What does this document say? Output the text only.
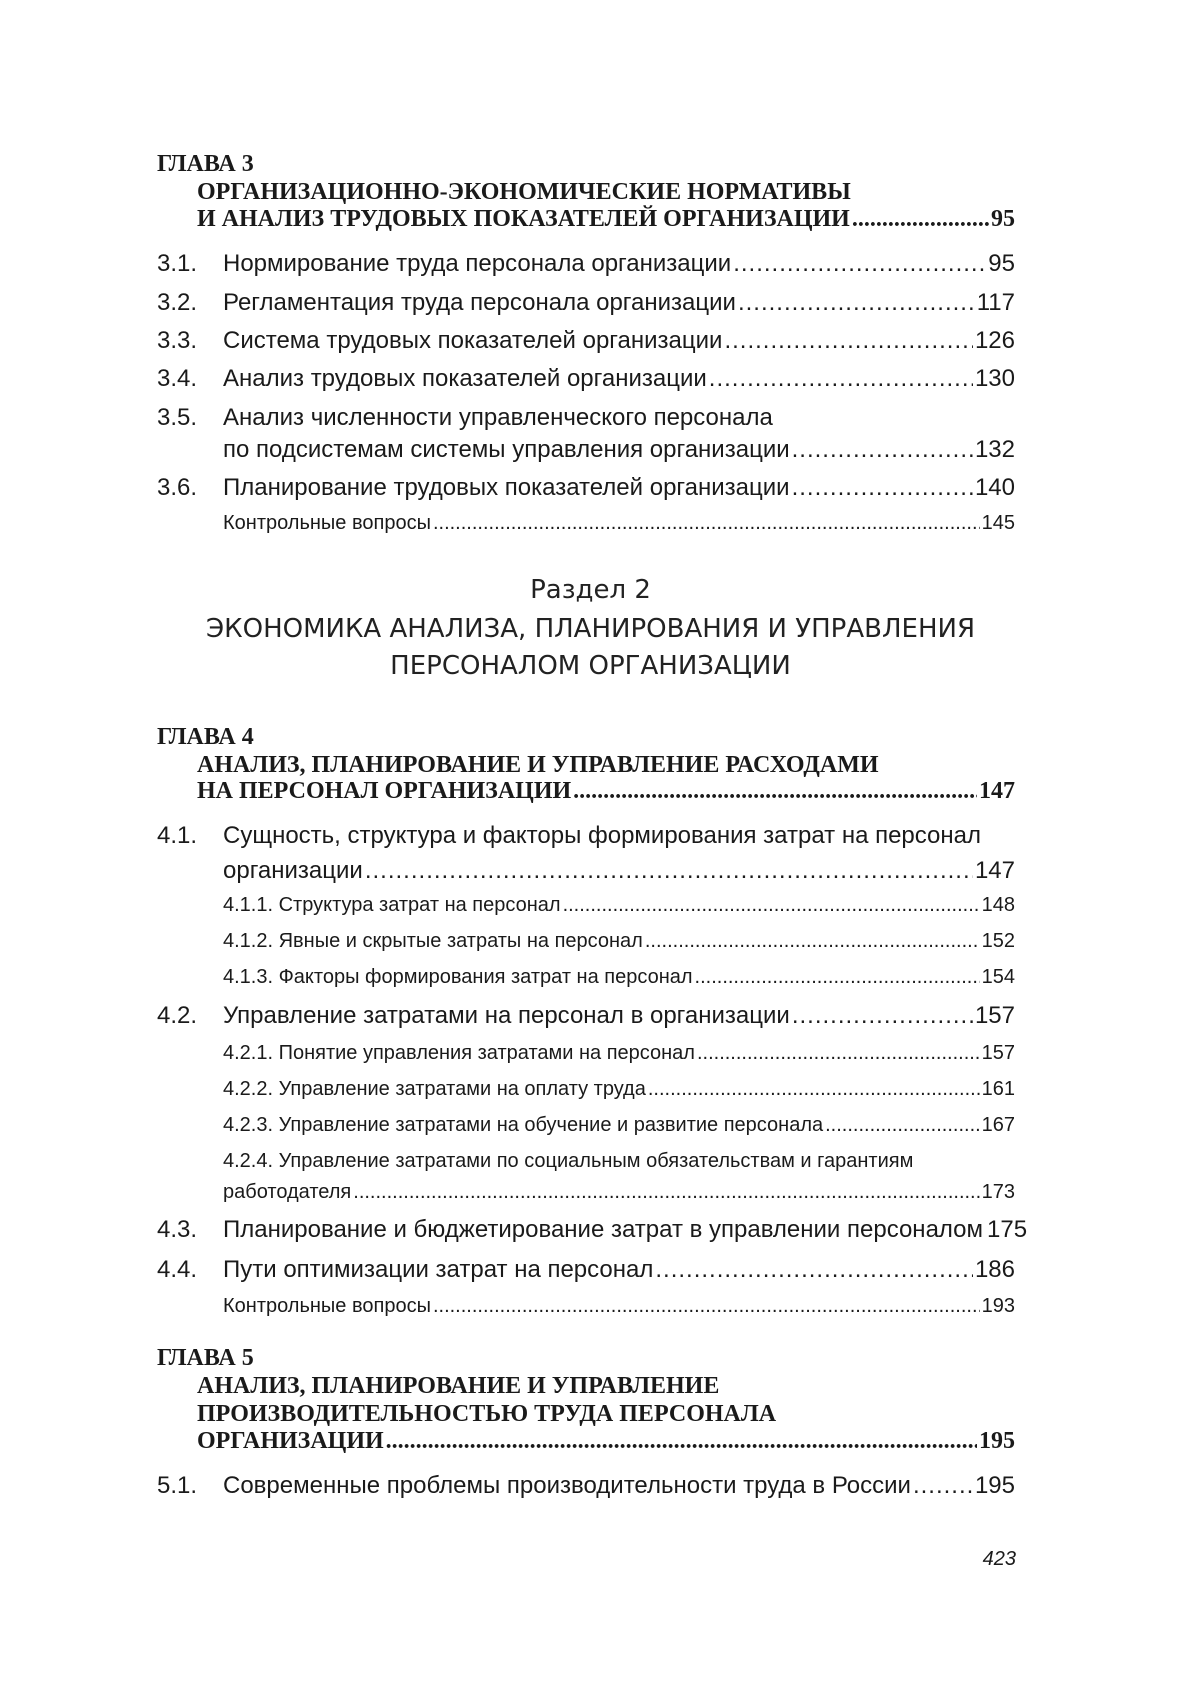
ГЛАВА 3
ОРГАНИЗАЦИОННО-ЭКОНОМИЧЕСКИЕ НОРМАТИВЫ
И АНАЛИЗ ТРУДОВЫХ ПОКАЗАТЕЛЕЙ ОРГАНИЗАЦИИ .....	95
3.1.	Нормирование труда персонала организации .....	95
3.2.	Регламентация труда персонала организации .....	117
3.3.	Система трудовых показателей организации .....	126
3.4.	Анализ трудовых показателей организации .....	130
3.5.	Анализ численности управленческого персонала
по подсистемам системы управления организации .....	132
3.6.	Планирование трудовых показателей организации .....	140
Контрольные вопросы .....	145
Раздел 2
ЭКОНОМИКА АНАЛИЗА, ПЛАНИРОВАНИЯ И УПРАВЛЕНИЯ
ПЕРСОНАЛОМ ОРГАНИЗАЦИИ
ГЛАВА 4
АНАЛИЗ, ПЛАНИРОВАНИЕ И УПРАВЛЕНИЕ РАСХОДАМИ
НА ПЕРСОНАЛ ОРГАНИЗАЦИИ .....	147
4.1.	Сущность, структура и факторы формирования затрат на персонал
организации .....	147
4.1.1. Структура затрат на персонал .....	148
4.1.2. Явные и скрытые затраты на персонал .....	152
4.1.3. Факторы формирования затрат на персонал .....	154
4.2.	Управление затратами на персонал в организации .....	157
4.2.1. Понятие управления затратами на персонал .....	157
4.2.2. Управление затратами на оплату труда .....	161
4.2.3. Управление затратами на обучение и развитие персонала .....	167
4.2.4. Управление затратами по социальным обязательствам и гарантиям
работодателя .....	173
4.3.	Планирование и бюджетирование затрат в управлении персоналом 175
4.4.	Пути оптимизации затрат на персонал .....	186
Контрольные вопросы .....	193
ГЛАВА 5
АНАЛИЗ, ПЛАНИРОВАНИЕ И УПРАВЛЕНИЕ
ПРОИЗВОДИТЕЛЬНОСТЬЮ ТРУДА ПЕРСОНАЛА
ОРГАНИЗАЦИИ .....	195
5.1.	Современные проблемы производительности труда в России .....	195
423
